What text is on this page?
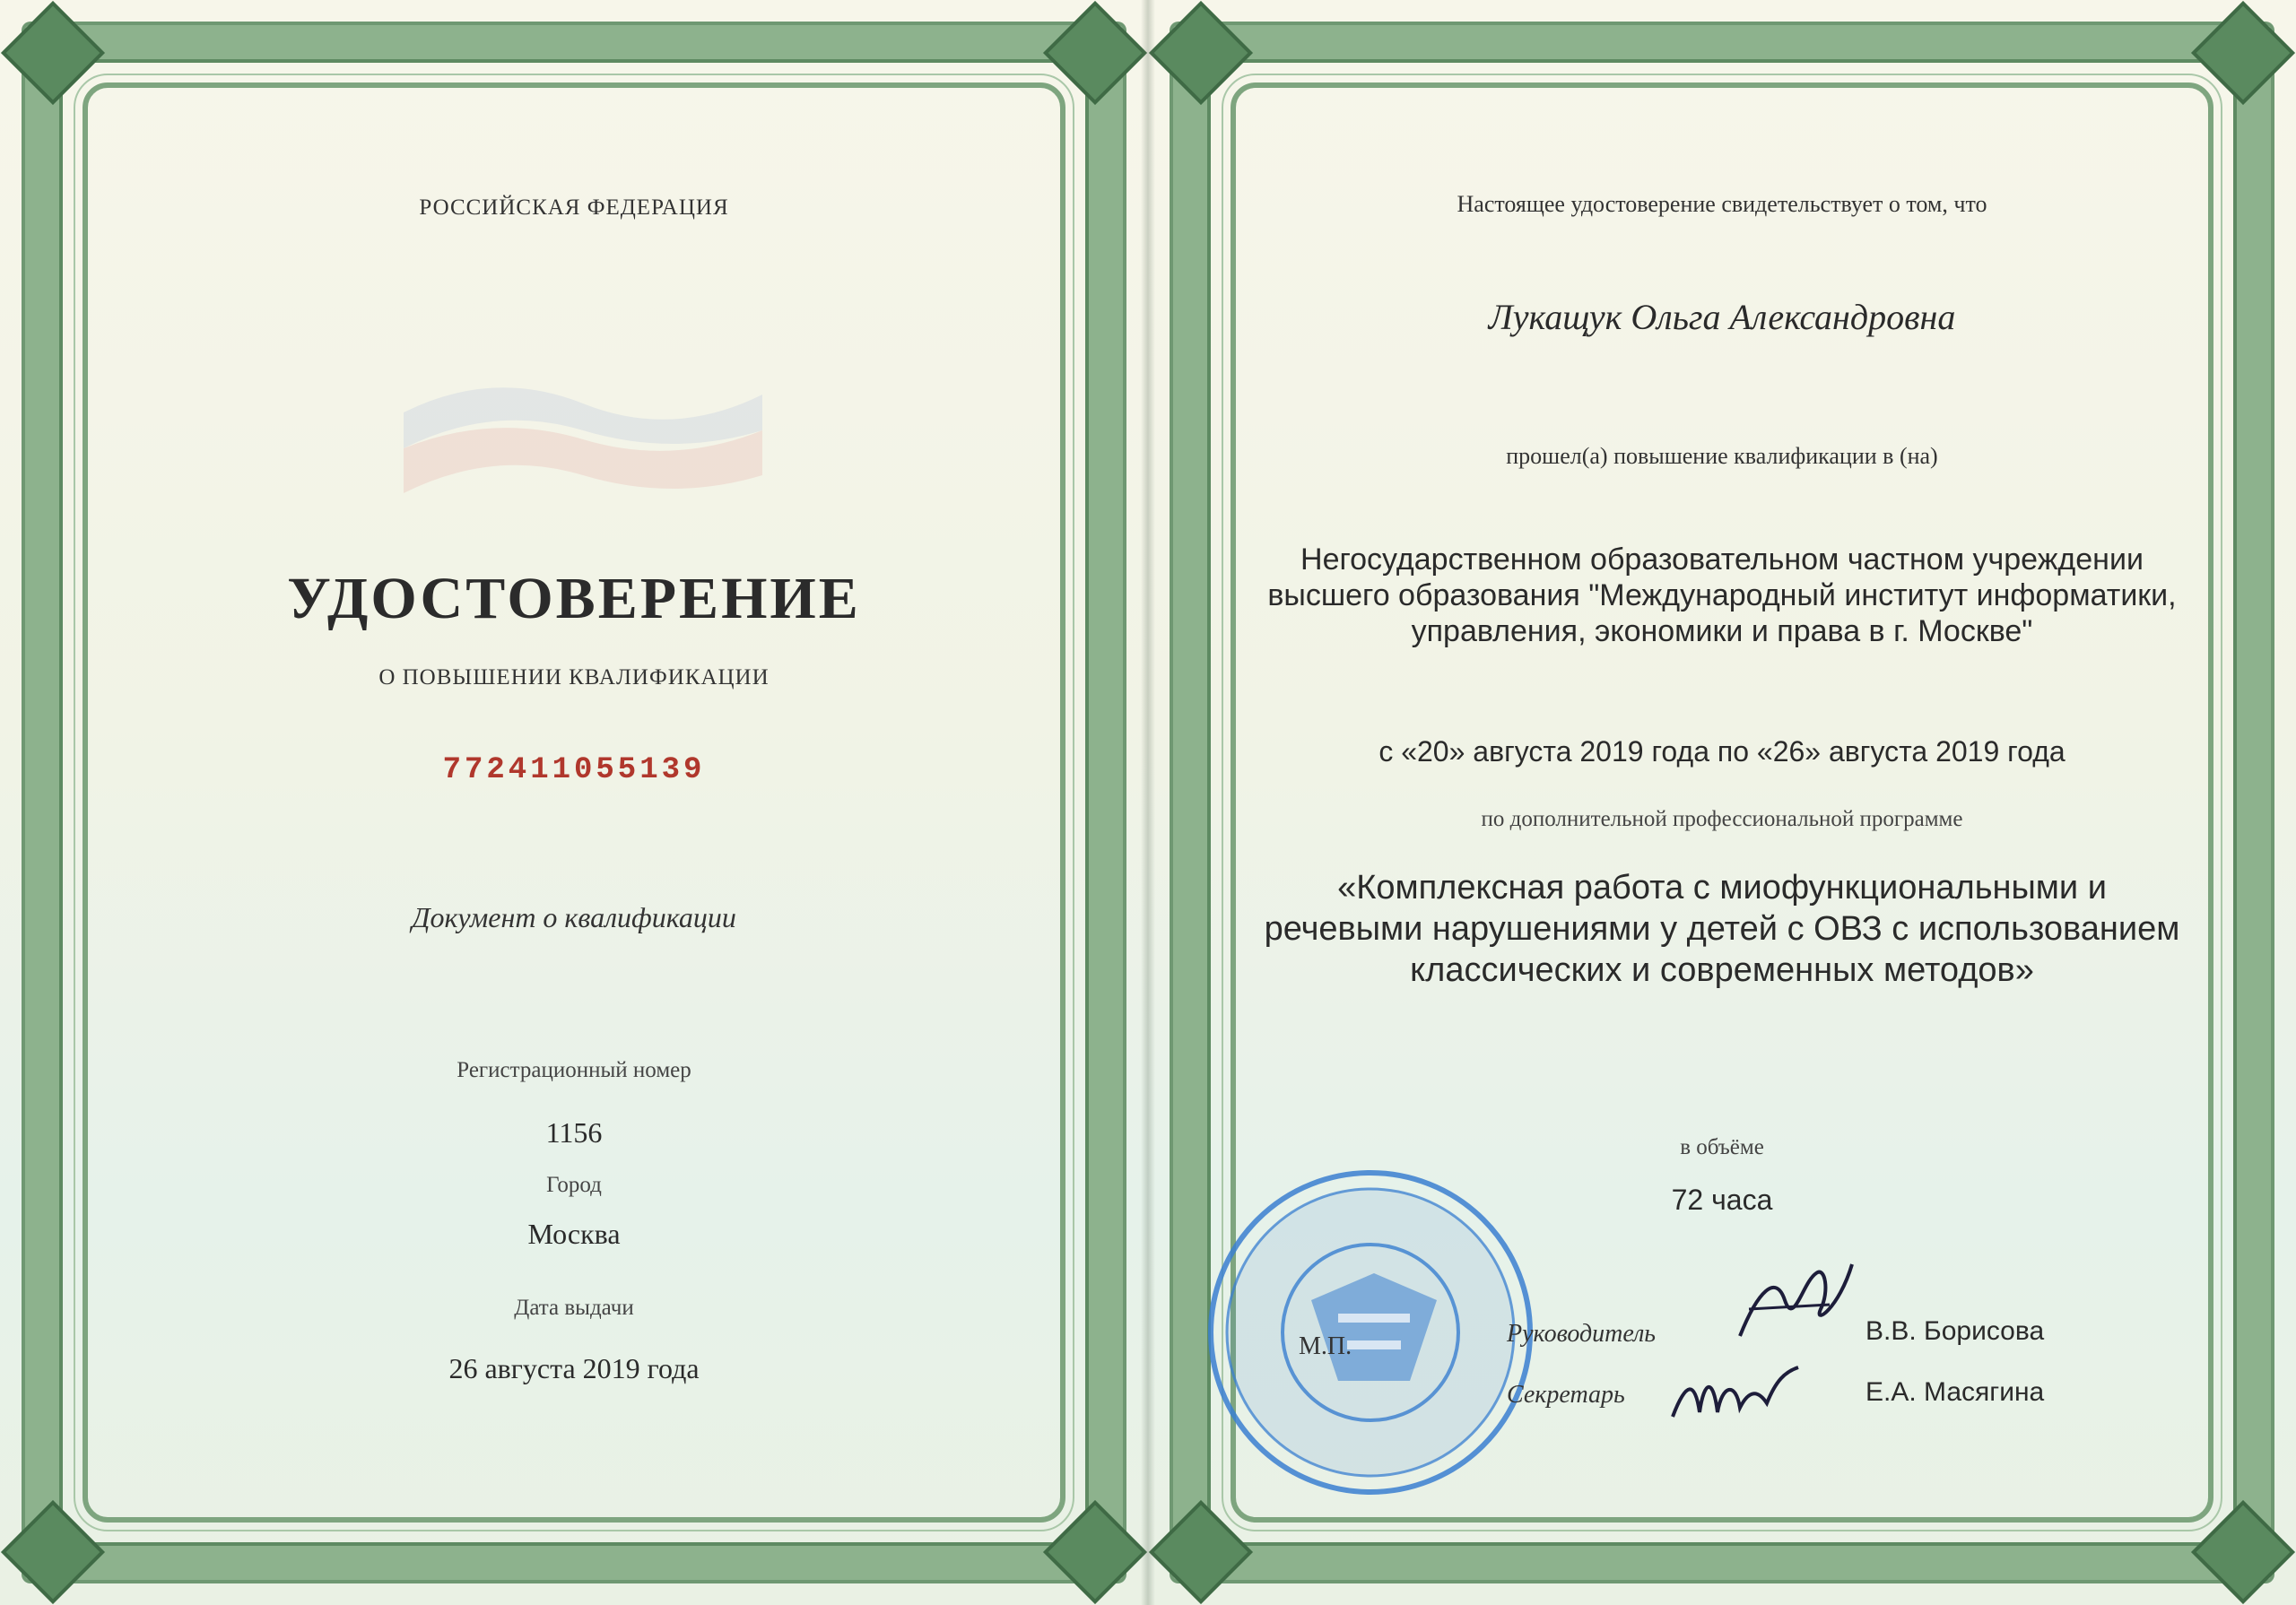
РОССИЙСКАЯ ФЕДЕРАЦИЯ
УДОСТОВЕРЕНИЕ
О ПОВЫШЕНИИ КВАЛИФИКАЦИИ
772411055139
Документ о квалификации
Регистрационный номер
1156
Город
Москва
Дата выдачи
26 августа 2019 года
Настоящее удостоверение свидетельствует о том, что
Лукащук Ольга Александровна
прошел(а) повышение квалификации в (на)
Негосударственном образовательном частном учреждении
высшего образования "Международный институт информатики,
управления, экономики и права в г. Москве"
с «20» августа 2019 года по «26» августа 2019 года
по дополнительной профессиональной программе
«Комплексная работа с миофункциональными и
речевыми нарушениями у детей с ОВЗ с использованием
классических и современных методов»
в объёме
72 часа
М.П.	Руководитель	В.В. Борисова
Секретарь	Е.А. Масягина
